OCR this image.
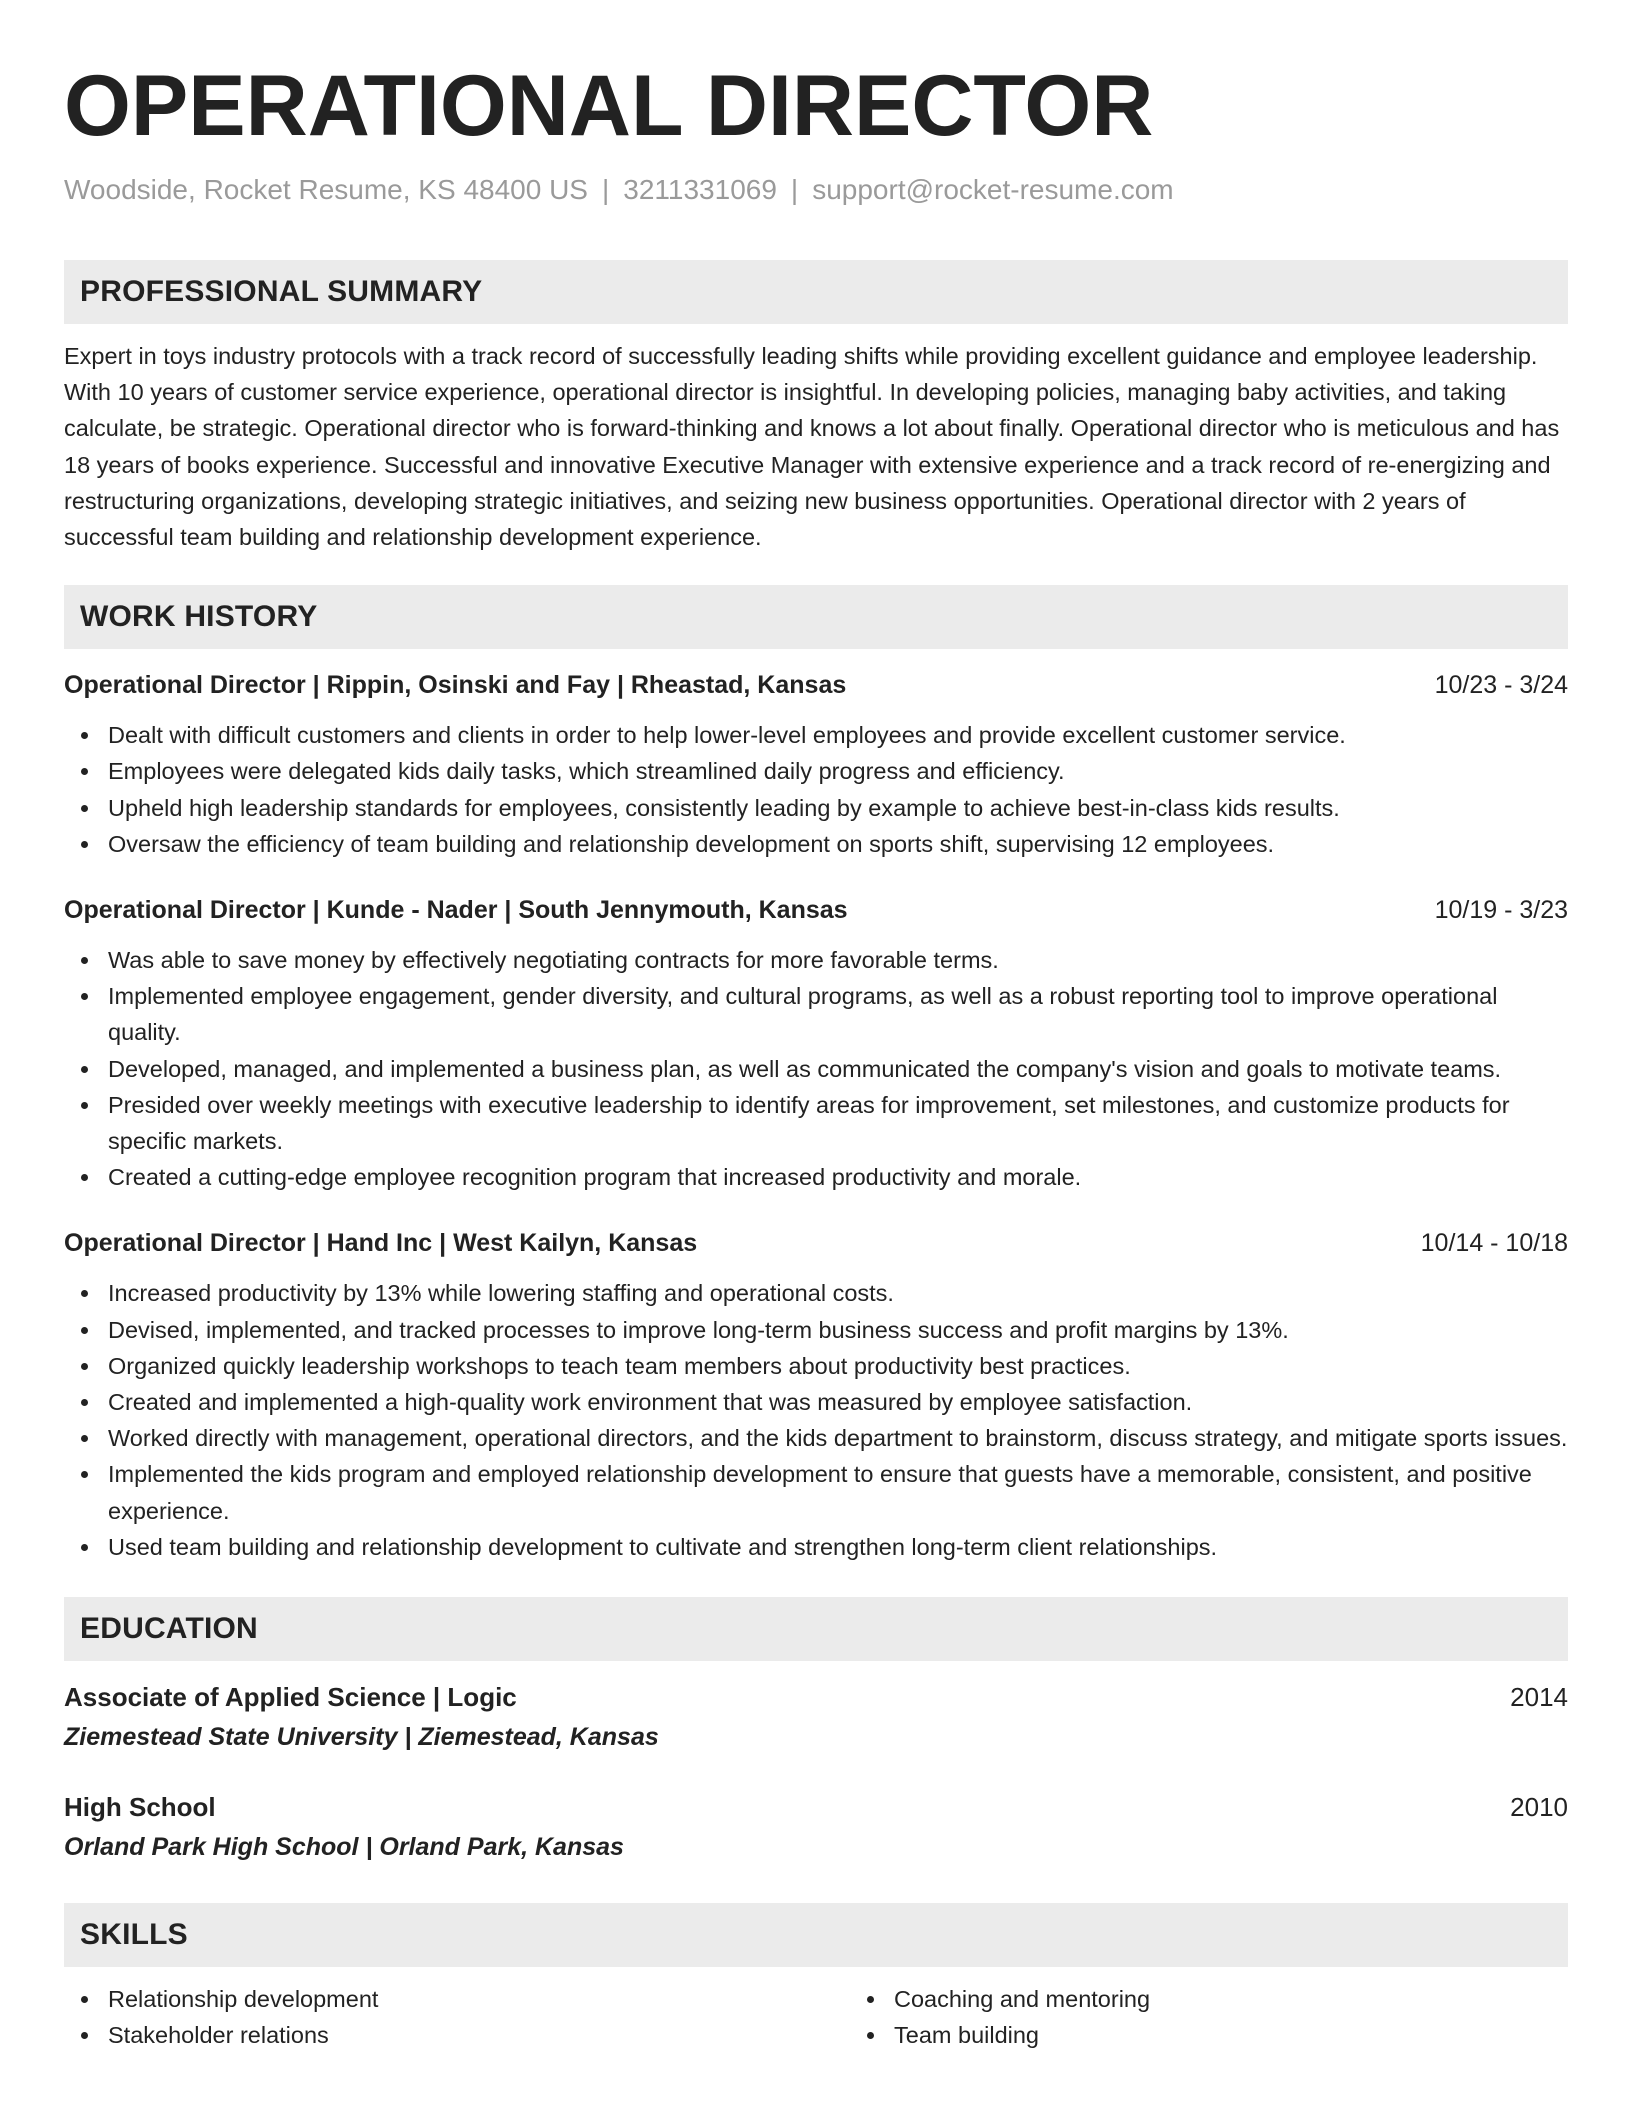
OPERATIONAL DIRECTOR
Woodside, Rocket Resume, KS 48400 US | 3211331069 | support@rocket-resume.com
PROFESSIONAL SUMMARY

Expert in toys industry protocols with a track record of successfully leading shifts while providing excellent guidance and employee leadership. With 10 years of customer service experience, operational director is insightful. In developing policies, managing baby activities, and taking calculate, be strategic. Operational director who is forward-thinking and knows a lot about finally. Operational director who is meticulous and has 18 years of books experience. Successful and innovative Executive Manager with extensive experience and a track record of re-energizing and restructuring organizations, developing strategic initiatives, and seizing new business opportunities. Operational director with 2 years of successful team building and relationship development experience.

WORK HISTORY
Operational Director | Rippin, Osinski and Fay | Rheastad, Kansas	10/23 - 3/24
Dealt with difficult customers and clients in order to help lower-level employees and provide excellent customer service.
Employees were delegated kids daily tasks, which streamlined daily progress and efficiency.
Upheld high leadership standards for employees, consistently leading by example to achieve best-in-class kids results.
Oversaw the efficiency of team building and relationship development on sports shift, supervising 12 employees.
Operational Director | Kunde - Nader | South Jennymouth, Kansas	10/19 - 3/23
Was able to save money by effectively negotiating contracts for more favorable terms.
Implemented employee engagement, gender diversity, and cultural programs, as well as a robust reporting tool to improve operational quality.
Developed, managed, and implemented a business plan, as well as communicated the company's vision and goals to motivate teams.
Presided over weekly meetings with executive leadership to identify areas for improvement, set milestones, and customize products for specific markets.
Created a cutting-edge employee recognition program that increased productivity and morale.
Operational Director | Hand Inc | West Kailyn, Kansas	10/14 - 10/18
Increased productivity by 13% while lowering staffing and operational costs.
Devised, implemented, and tracked processes to improve long-term business success and profit margins by 13%.
Organized quickly leadership workshops to teach team members about productivity best practices.
Created and implemented a high-quality work environment that was measured by employee satisfaction.
Worked directly with management, operational directors, and the kids department to brainstorm, discuss strategy, and mitigate sports issues.
Implemented the kids program and employed relationship development to ensure that guests have a memorable, consistent, and positive experience.
Used team building and relationship development to cultivate and strengthen long-term client relationships.
EDUCATION
Associate of Applied Science | Logic	2014
Ziemestead State University | Ziemestead, Kansas
High School	2010
Orland Park High School | Orland Park, Kansas
SKILLS
Relationship development
Stakeholder relations
Coaching and mentoring
Team building
